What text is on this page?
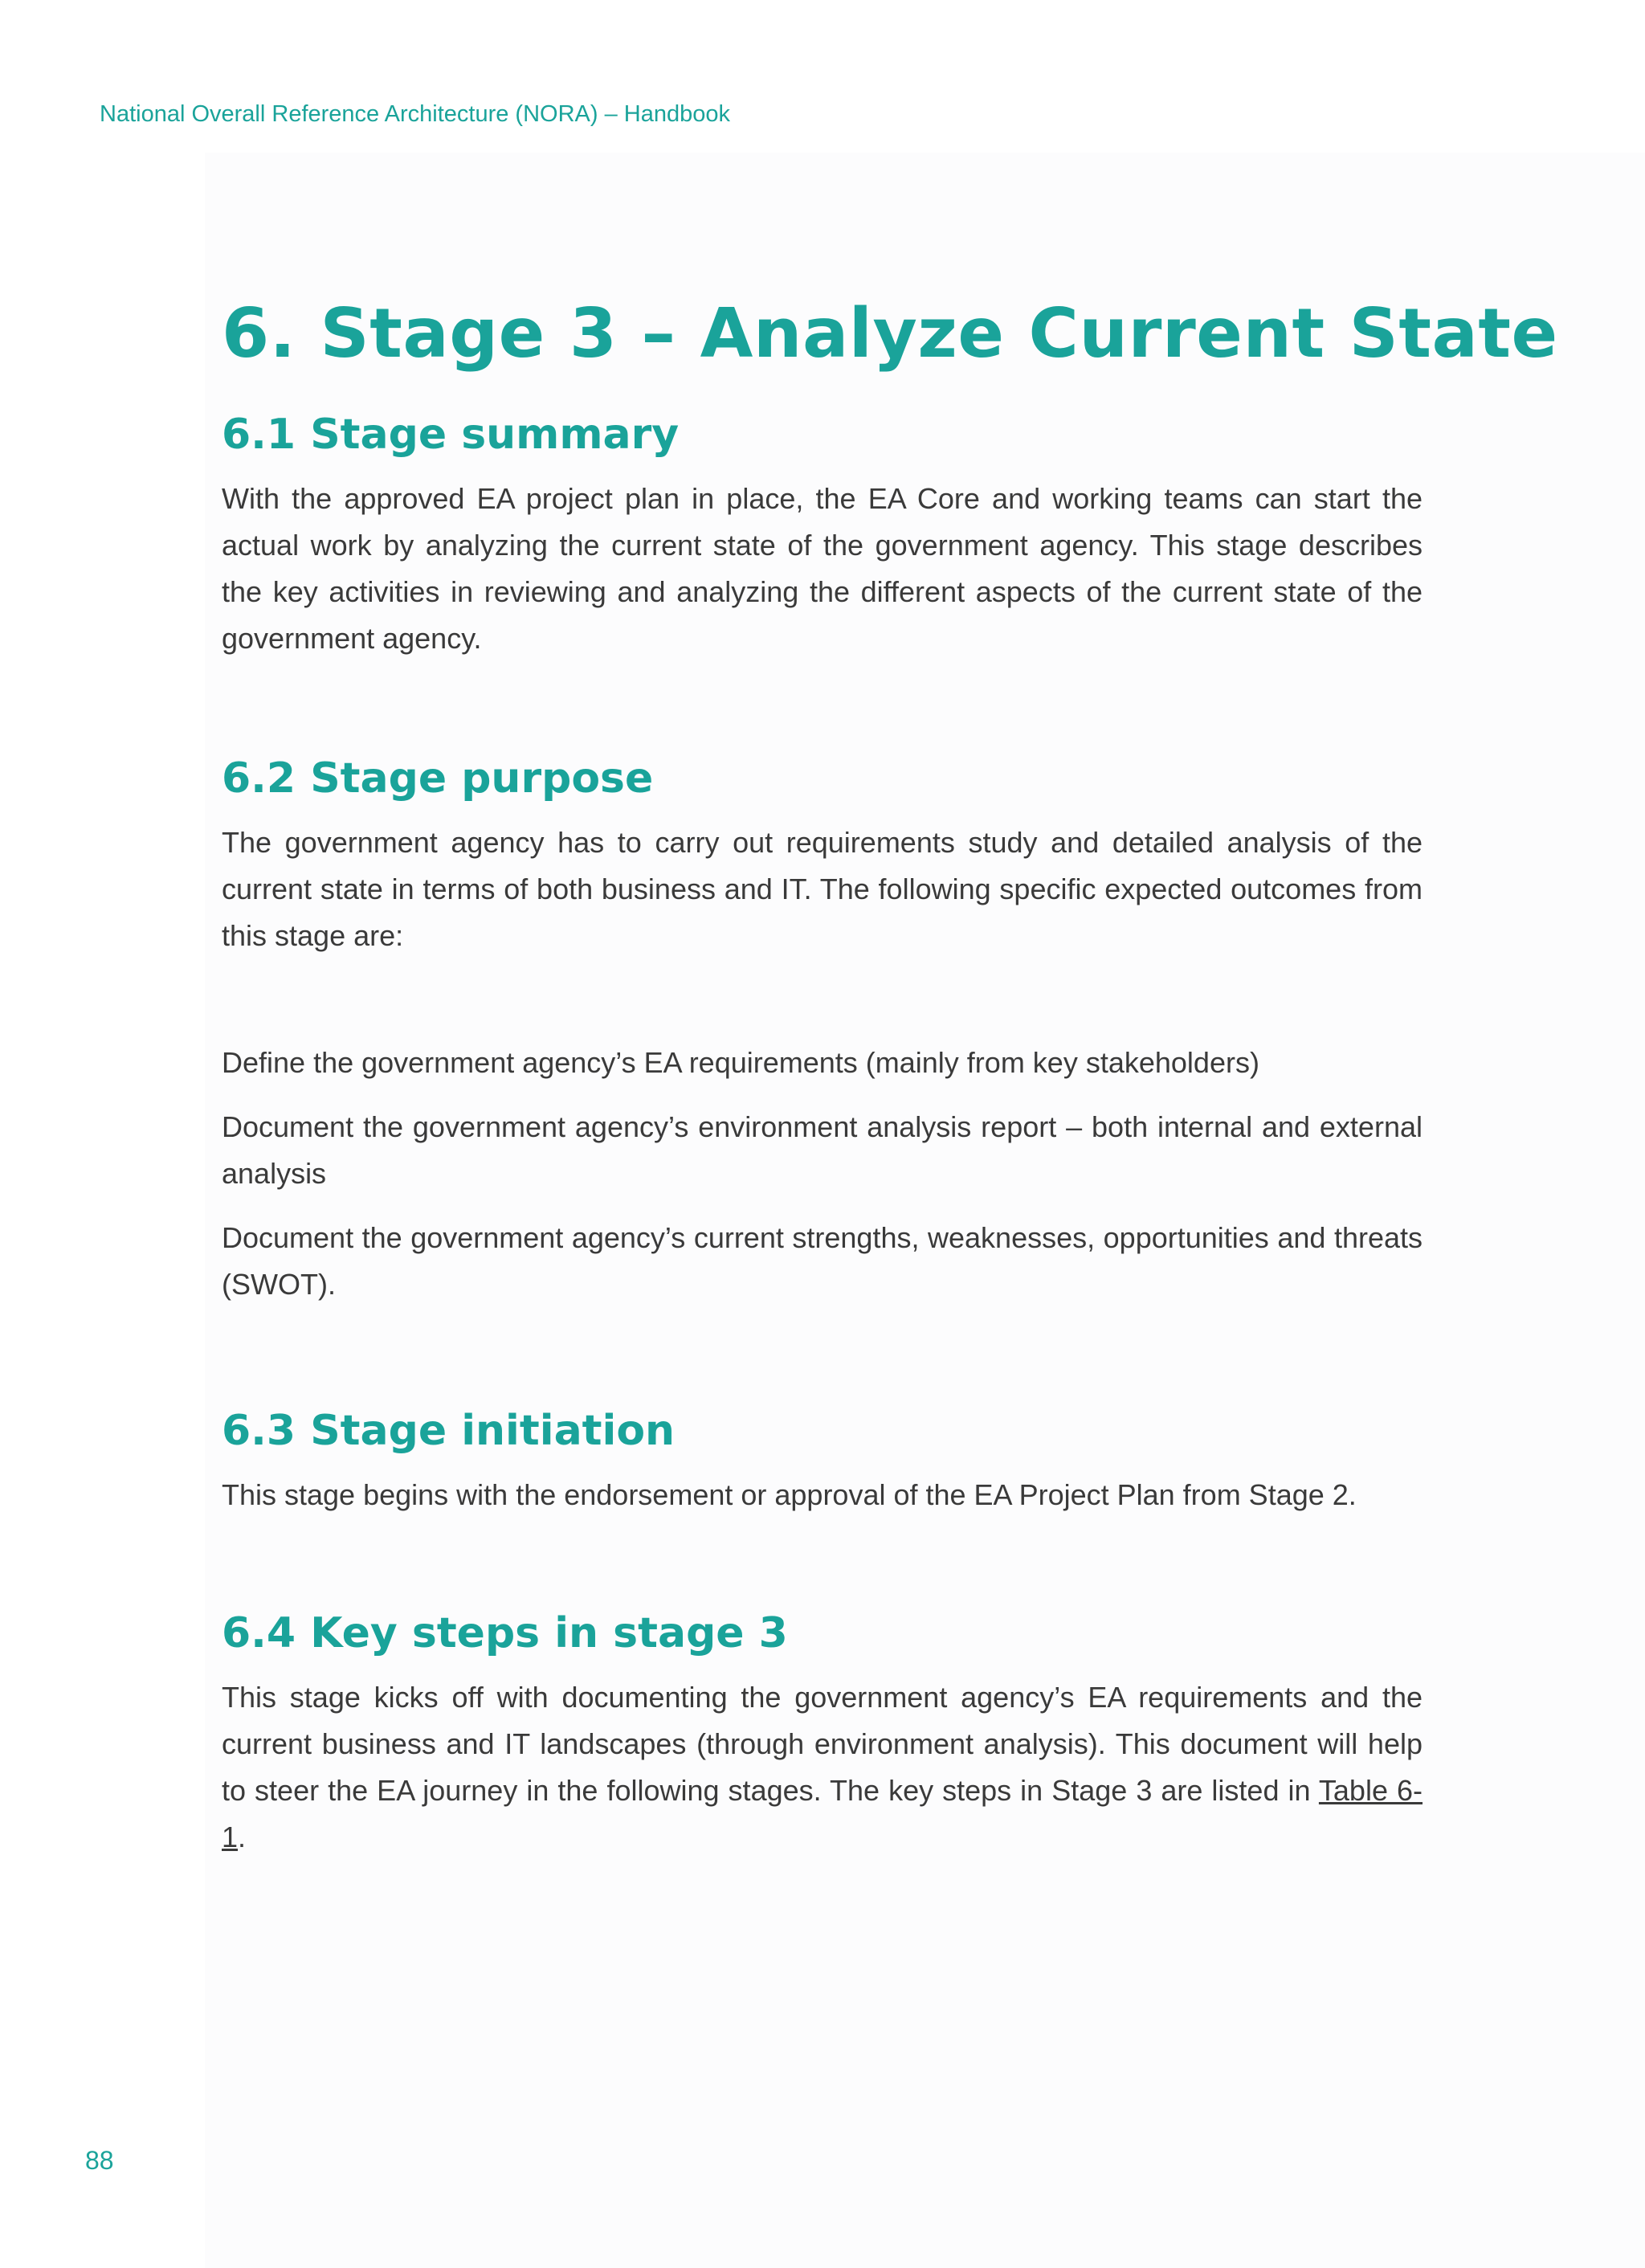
National Overall Reference Architecture (NORA) – Handbook
6. Stage 3 – Analyze Current State
6.1 Stage summary

With the approved EA project plan in place, the EA Core and working teams can start the actual work by analyzing the current state of the government agency. This stage describes the key activities in reviewing and analyzing the different aspects of the current state of the government agency.

6.2 Stage purpose

The government agency has to carry out requirements study and detailed analysis of the current state in terms of both business and IT. The following specific expected outcomes from this stage are:

Define the government agency’s EA requirements (mainly from key stakeholders)

Document the government agency’s environment analysis report – both internal and external analysis

Document the government agency’s current strengths, weaknesses, opportunities and threats (SWOT).

6.3 Stage initiation

This stage begins with the endorsement or approval of the EA Project Plan from Stage 2.

6.4 Key steps in stage 3

This stage kicks off with documenting the government agency’s EA requirements and the current business and IT landscapes (through environment analysis). This document will help to steer the EA journey in the following stages. The key steps in Stage 3 are listed in Table 6-1.

88
